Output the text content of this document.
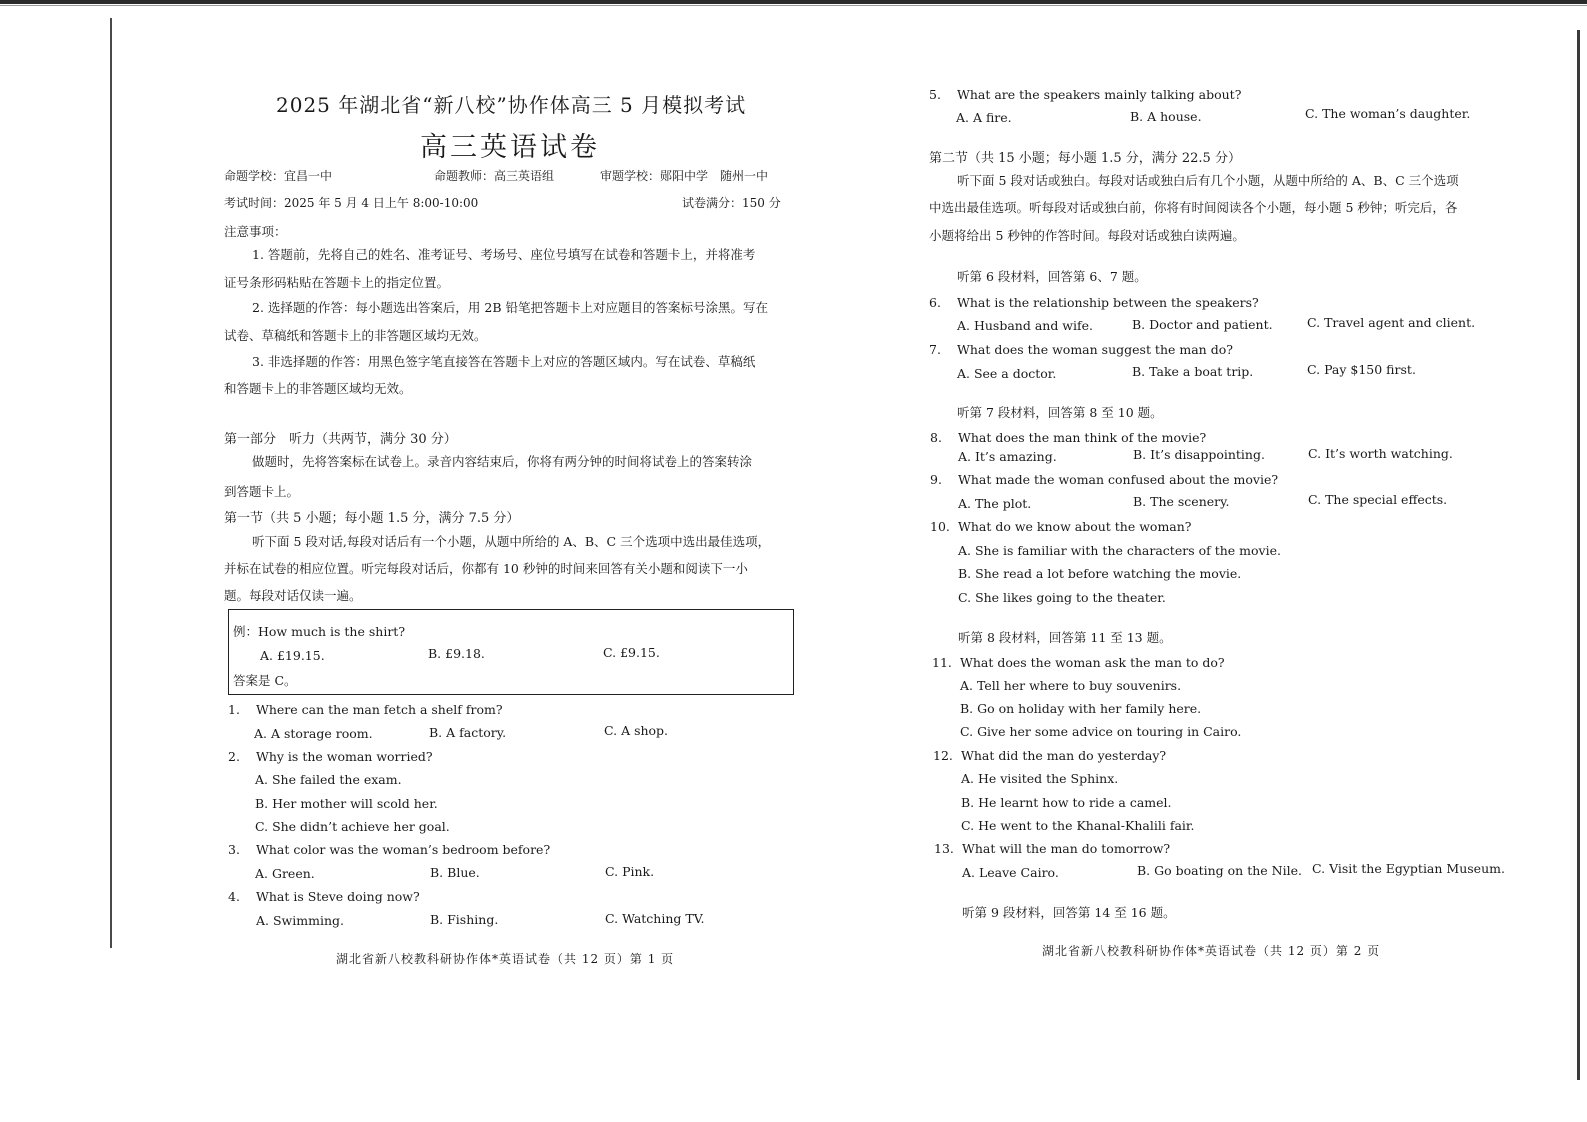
2025 年湖北省“新八校”协作体高三 5 月模拟考试
高三英语试卷
命题学校：宜昌一中	命题教师：高三英语组	审题学校：郧阳中学　随州一中
考试时间：2025 年 5 月 4 日上午 8:00-10:00	试卷满分：150 分
注意事项：
1. 答题前，先将自己的姓名、准考证号、考场号、座位号填写在试卷和答题卡上，并将准考
证号条形码粘贴在答题卡上的指定位置。
2. 选择题的作答：每小题选出答案后，用 2B 铅笔把答题卡上对应题目的答案标号涂黑。写在
试卷、草稿纸和答题卡上的非答题区域均无效。
3. 非选择题的作答：用黑色签字笔直接答在答题卡上对应的答题区域内。写在试卷、草稿纸
和答题卡上的非答题区域均无效。
第一部分　听力（共两节，满分 30 分）
做题时，先将答案标在试卷上。录音内容结束后，你将有两分钟的时间将试卷上的答案转涂
到答题卡上。
第一节（共 5 小题；每小题 1.5 分，满分 7.5 分）
听下面 5 段对话,每段对话后有一个小题，从题中所给的 A、B、C 三个选项中选出最佳选项，
并标在试卷的相应位置。听完每段对话后，你都有 10 秒钟的时间来回答有关小题和阅读下一小
题。每段对话仅读一遍。
例：How much is the shirt?
A. £19.15.	B. £9.18.	C. £9.15.
答案是 C。
1. Where can the man fetch a shelf from?
A. A storage room.	B. A factory.	C. A shop.
2. Why is the woman worried?
A. She failed the exam.
B. Her mother will scold her.
C. She didn’t achieve her goal.
3. What color was the woman’s bedroom before?
A. Green.	B. Blue.	C. Pink.
4. What is Steve doing now?
A. Swimming.	B. Fishing.	C. Watching TV.
湖北省新八校教科研协作体*英语试卷（共 12 页）第 1 页
5. What are the speakers mainly talking about?
A. A fire.	B. A house.	C. The woman’s daughter.
第二节（共 15 小题；每小题 1.5 分，满分 22.5 分）
听下面 5 段对话或独白。每段对话或独白后有几个小题，从题中所给的 A、B、C 三个选项
中选出最佳选项。听每段对话或独白前，你将有时间阅读各个小题，每小题 5 秒钟；听完后，各
小题将给出 5 秒钟的作答时间。每段对话或独白读两遍。
听第 6 段材料，回答第 6、7 题。
6. What is the relationship between the speakers?
A. Husband and wife.	B. Doctor and patient.	C. Travel agent and client.
7. What does the woman suggest the man do?
A. See a doctor.	B. Take a boat trip.	C. Pay $150 first.
听第 7 段材料，回答第 8 至 10 题。
8. What does the man think of the movie?
A. It’s amazing.	B. It’s disappointing.	C. It’s worth watching.
9. What made the woman confused about the movie?
A. The plot.	B. The scenery.	C. The special effects.
10. What do we know about the woman?
A. She is familiar with the characters of the movie.
B. She read a lot before watching the movie.
C. She likes going to the theater.
听第 8 段材料，回答第 11 至 13 题。
11. What does the woman ask the man to do?
A. Tell her where to buy souvenirs.
B. Go on holiday with her family here.
C. Give her some advice on touring in Cairo.
12. What did the man do yesterday?
A. He visited the Sphinx.
B. He learnt how to ride a camel.
C. He went to the Khanal-Khalili fair.
13. What will the man do tomorrow?
A. Leave Cairo.	B. Go boating on the Nile. C. Visit the Egyptian Museum.
听第 9 段材料，回答第 14 至 16 题。
湖北省新八校教科研协作体*英语试卷（共 12 页）第 2 页
